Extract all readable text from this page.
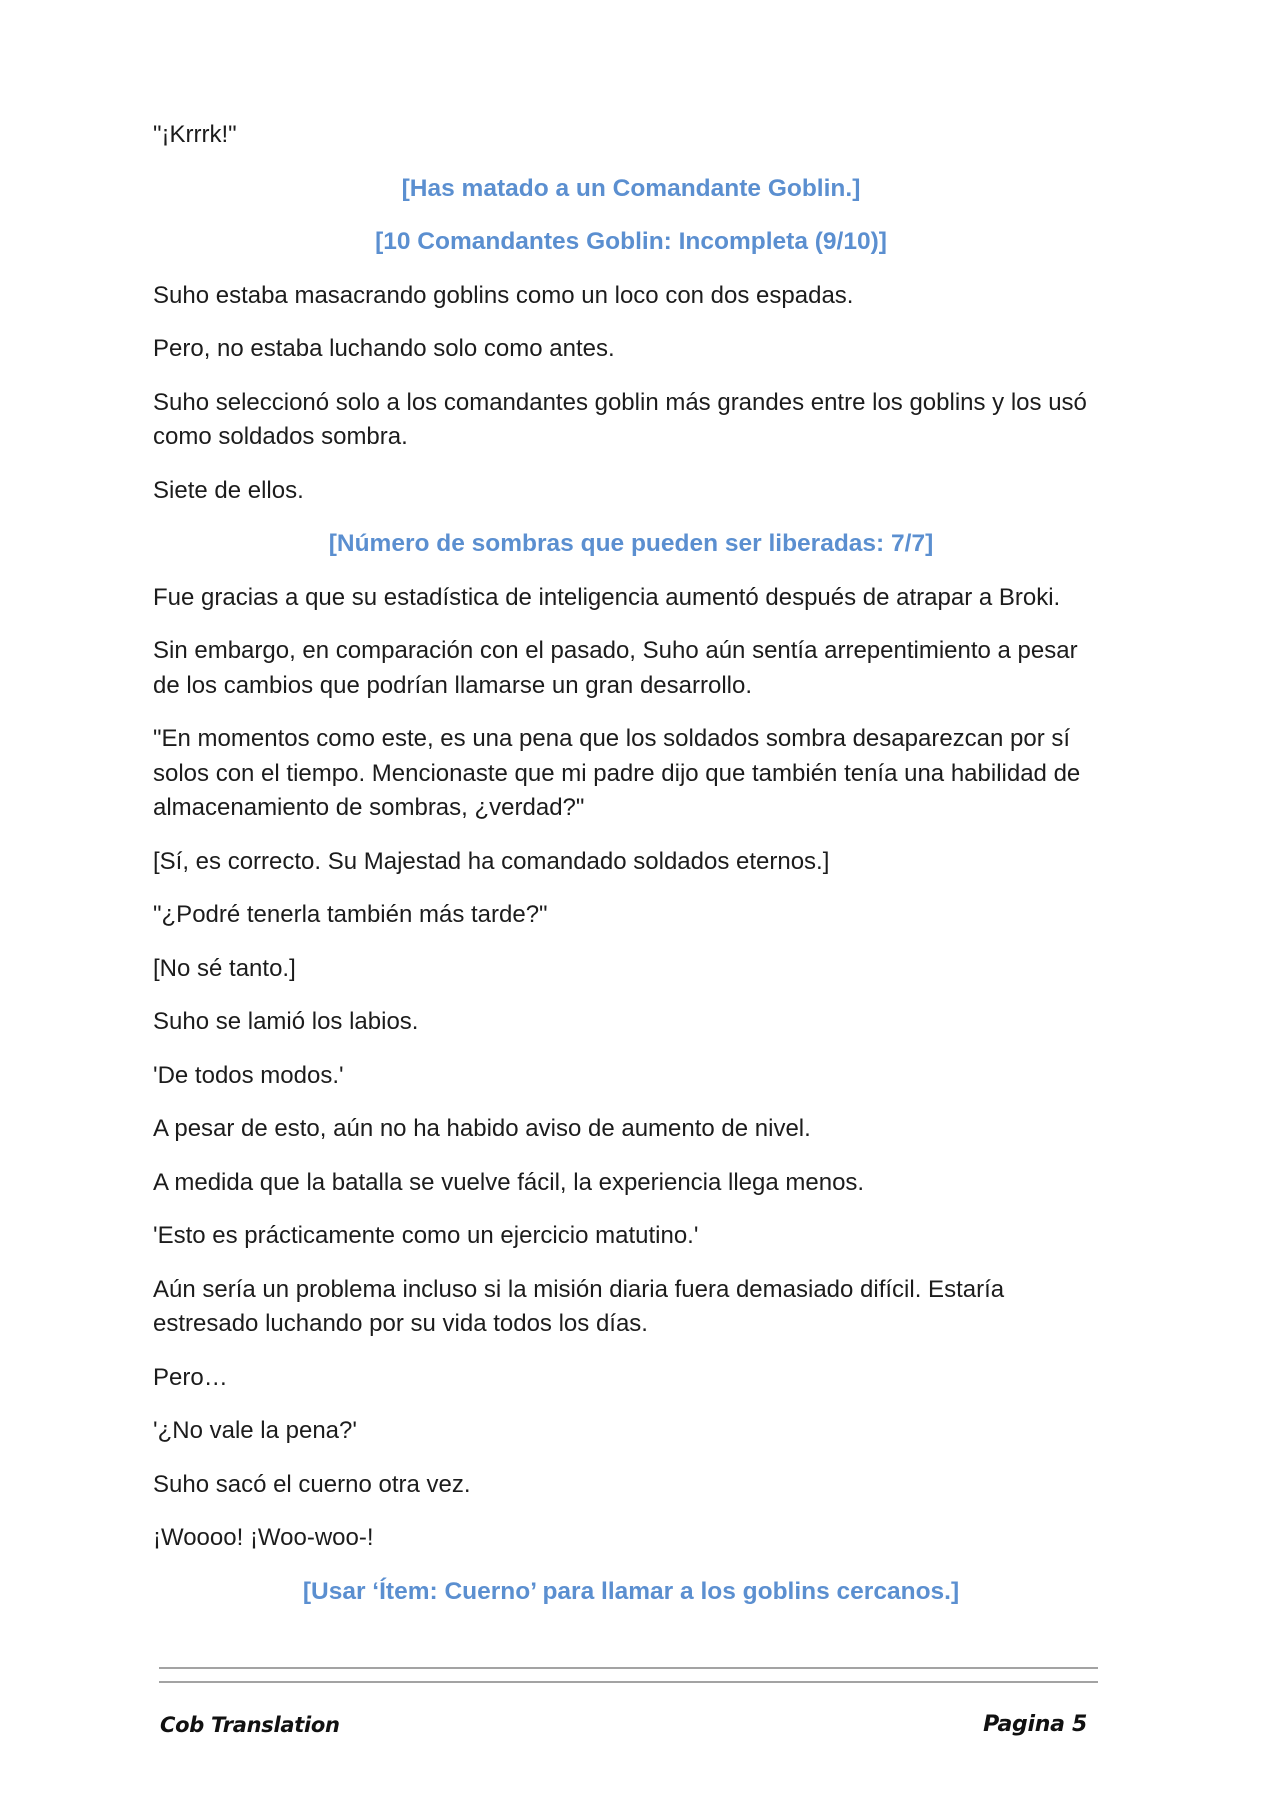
"¡Krrrk!"

[Has matado a un Comandante Goblin.]

[10 Comandantes Goblin: Incompleta (9/10)]

Suho estaba masacrando goblins como un loco con dos espadas.

Pero, no estaba luchando solo como antes.

Suho seleccionó solo a los comandantes goblin más grandes entre los goblins y los usó como soldados sombra.

Siete de ellos.

[Número de sombras que pueden ser liberadas: 7/7]

Fue gracias a que su estadística de inteligencia aumentó después de atrapar a Broki.

Sin embargo, en comparación con el pasado, Suho aún sentía arrepentimiento a pesar de los cambios que podrían llamarse un gran desarrollo.

"En momentos como este, es una pena que los soldados sombra desaparezcan por sí solos con el tiempo. Mencionaste que mi padre dijo que también tenía una habilidad de almacenamiento de sombras, ¿verdad?"

[Sí, es correcto. Su Majestad ha comandado soldados eternos.]

"¿Podré tenerla también más tarde?"

[No sé tanto.]

Suho se lamió los labios.

'De todos modos.'

A pesar de esto, aún no ha habido aviso de aumento de nivel.

A medida que la batalla se vuelve fácil, la experiencia llega menos.

'Esto es prácticamente como un ejercicio matutino.'

Aún sería un problema incluso si la misión diaria fuera demasiado difícil. Estaría estresado luchando por su vida todos los días.

Pero…

'¿No vale la pena?'

Suho sacó el cuerno otra vez.

¡Woooo! ¡Woo-woo-!

[Usar ‘Ítem: Cuerno’ para llamar a los goblins cercanos.]

Cob Translation	Pagina 5
